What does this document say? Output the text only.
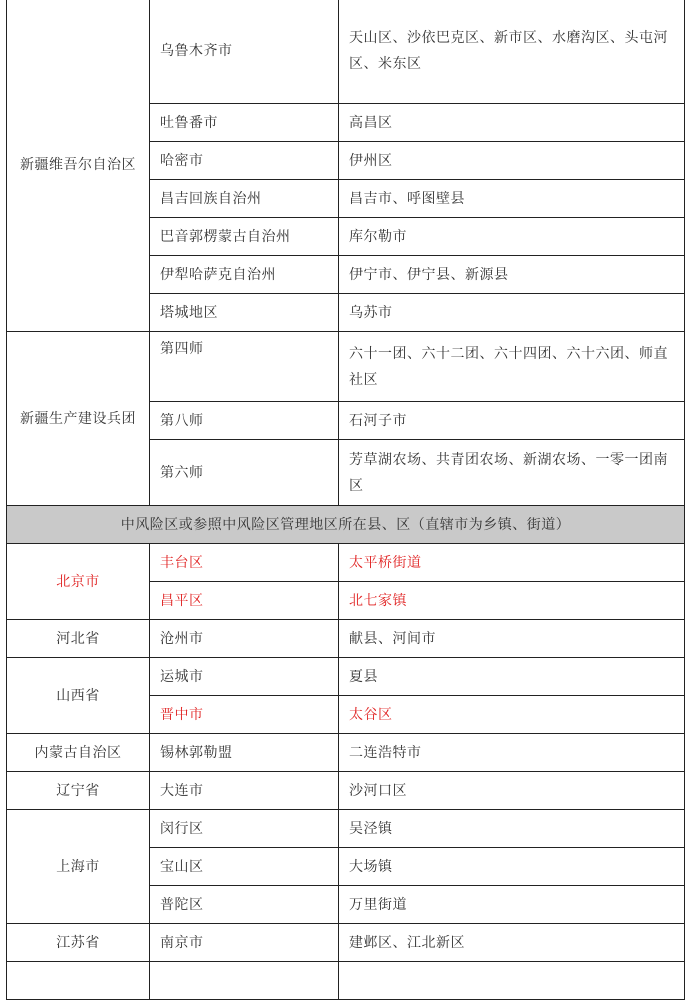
新疆维吾尔自治区	乌鲁木齐市	天山区、沙依巴克区、新市区、水磨沟区、头屯河区、米东区
	吐鲁番市	高昌区
	哈密市	伊州区
	昌吉回族自治州	昌吉市、呼图壁县
	巴音郭楞蒙古自治州	库尔勒市
	伊犁哈萨克自治州	伊宁市、伊宁县、新源县
	塔城地区	乌苏市
新疆生产建设兵团	第四师	六十一团、六十二团、六十四团、六十六团、师直社区
	第八师	石河子市
	第六师	芳草湖农场、共青团农场、新湖农场、一零一团南区
中风险区或参照中风险区管理地区所在县、区（直辖市为乡镇、街道）		
北京市	丰台区	太平桥街道
	昌平区	北七家镇
河北省	沧州市	献县、河间市
山西省	运城市	夏县
	晋中市	太谷区
内蒙古自治区	锡林郭勒盟	二连浩特市
辽宁省	大连市	沙河口区
上海市	闵行区	吴泾镇
	宝山区	大场镇
	普陀区	万里街道
江苏省	南京市	建邺区、江北新区
